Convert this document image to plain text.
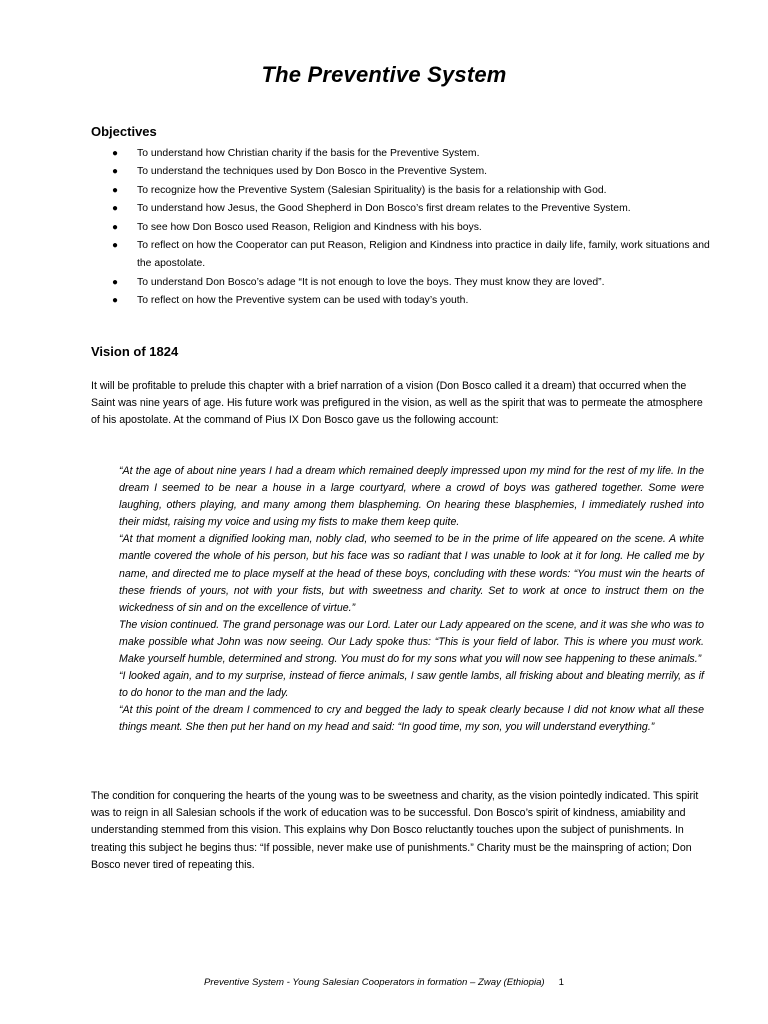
The Preventive System
Objectives
● To understand how Christian charity if the basis for the Preventive System.
● To understand the techniques used by Don Bosco in the Preventive System.
● To recognize how the Preventive System (Salesian Spirituality) is the basis for a relationship with God.
● To understand how Jesus, the Good Shepherd in Don Bosco’s first dream relates to the Preventive System.
● To see how Don Bosco used Reason, Religion and Kindness with his boys.
● To reflect on how the Cooperator can put Reason, Religion and Kindness into practice in daily life, family, work situations and the apostolate.
● To understand Don Bosco’s adage “It is not enough to love the boys. They must know they are loved”.
● To reflect on how the Preventive system can be used with today’s youth.
Vision of 1824

It will be profitable to prelude this chapter with a brief narration of a vision (Don Bosco called it a dream) that occurred when the Saint was nine years of age. His future work was prefigured in the vision, as well as the spirit that was to permeate the atmosphere of his apostolate. At the command of Pius IX Don Bosco gave us the following account:

“At the age of about nine years I had a dream which remained deeply impressed upon my mind for the rest of my life. In the dream I seemed to be near a house in a large courtyard, where a crowd of boys was gathered together. Some were laughing, others playing, and many among them blaspheming. On hearing these blasphemies, I immediately rushed into their midst, raising my voice and using my fists to make them keep quite.

“At that moment a dignified looking man, nobly clad, who seemed to be in the prime of life appeared on the scene. A white mantle covered the whole of his person, but his face was so radiant that I was unable to look at it for long. He called me by name, and directed me to place myself at the head of these boys, concluding with these words: “You must win the hearts of these friends of yours, not with your fists, but with sweetness and charity. Set to work at once to instruct them on the wickedness of sin and on the excellence of virtue.”

The vision continued. The grand personage was our Lord. Later our Lady appeared on the scene, and it was she who was to make possible what John was now seeing. Our Lady spoke thus: “This is your field of labor. This is where you must work. Make yourself humble, determined and strong. You must do for my sons what you will now see happening to these animals.”

“I looked again, and to my surprise, instead of fierce animals, I saw gentle lambs, all frisking about and bleating merrily, as if to do honor to the man and the lady.

“At this point of the dream I commenced to cry and begged the lady to speak clearly because I did not know what all these things meant. She then put her hand on my head and said: “In good time, my son, you will understand everything.”

The condition for conquering the hearts of the young was to be sweetness and charity, as the vision pointedly indicated. This spirit was to reign in all Salesian schools if the work of education was to be successful. Don Bosco’s spirit of kindness, amiability and understanding stemmed from this vision. This explains why Don Bosco reluctantly touches upon the subject of punishments. In treating this subject he begins thus: “If possible, never make use of punishments.” Charity must be the mainspring of action; Don Bosco never tired of repeating this.

Preventive System - Young Salesian Cooperators in formation – Zway (Ethiopia) 1
